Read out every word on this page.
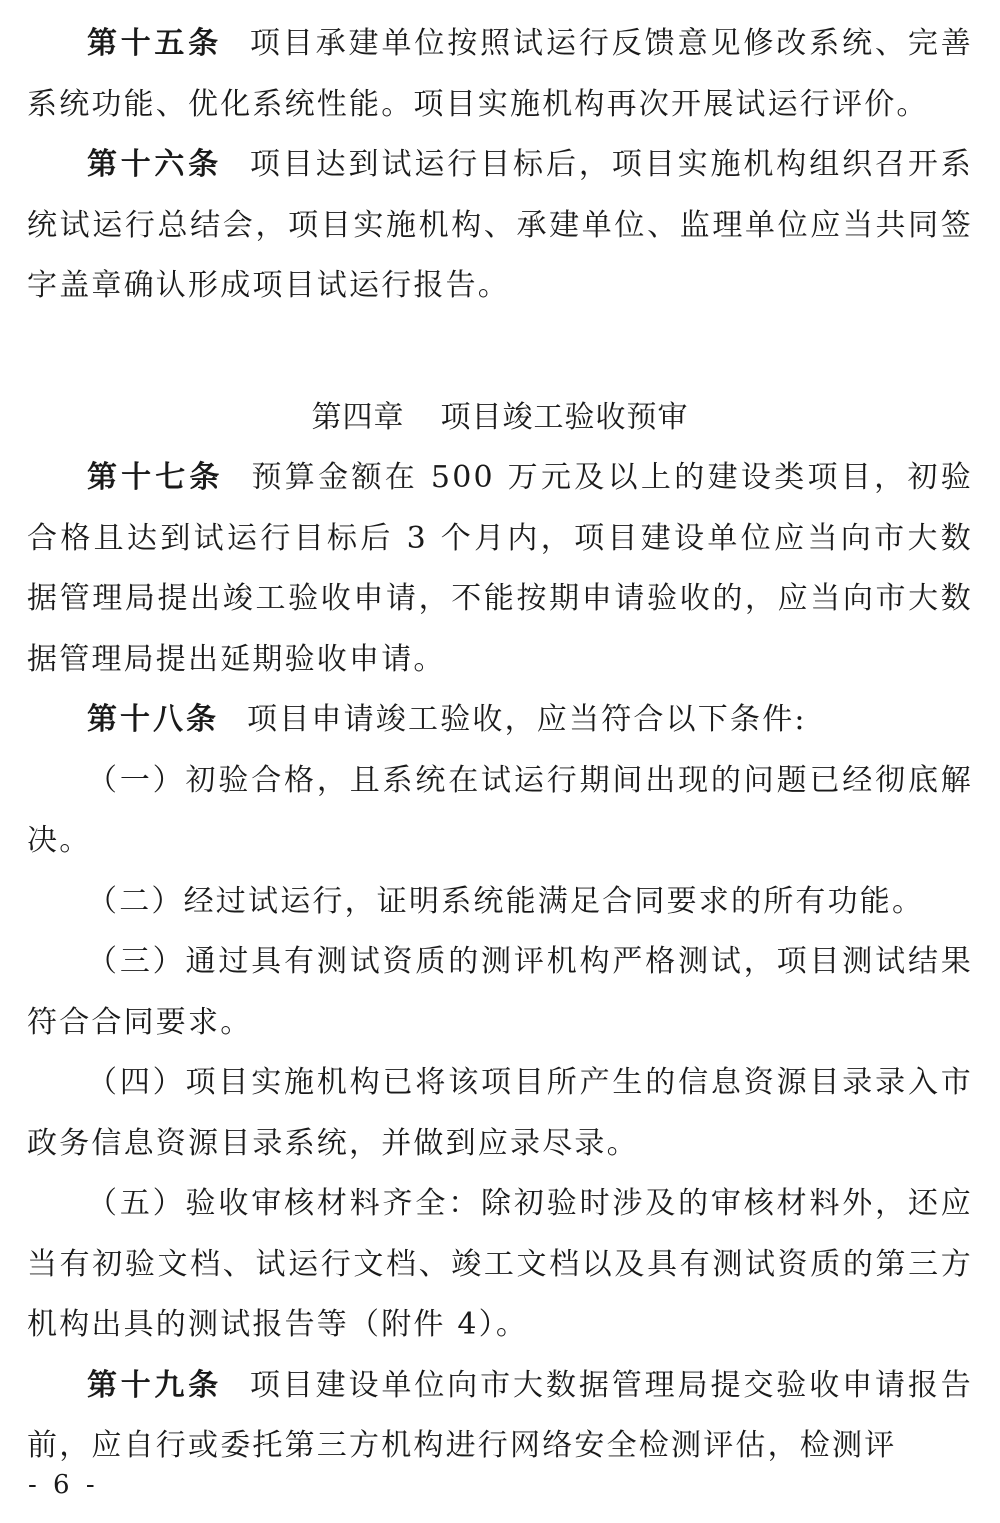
第十五条 项目承建单位按照试运行反馈意见修改系统、完善系统功能、优化系统性能。项目实施机构再次开展试运行评价。

第十六条 项目达到试运行目标后，项目实施机构组织召开系统试运行总结会，项目实施机构、承建单位、监理单位应当共同签字盖章确认形成项目试运行报告。

第四章 项目竣工验收预审

第十七条 预算金额在 500 万元及以上的建设类项目，初验合格且达到试运行目标后 3 个月内，项目建设单位应当向市大数据管理局提出竣工验收申请，不能按期申请验收的，应当向市大数据管理局提出延期验收申请。

第十八条 项目申请竣工验收，应当符合以下条件:

（一）初验合格，且系统在试运行期间出现的问题已经彻底解决。

（二）经过试运行，证明系统能满足合同要求的所有功能。

（三）通过具有测试资质的测评机构严格测试，项目测试结果符合合同要求。

（四）项目实施机构已将该项目所产生的信息资源目录录入市政务信息资源目录系统，并做到应录尽录。

（五）验收审核材料齐全：除初验时涉及的审核材料外，还应当有初验文档、试运行文档、竣工文档以及具有测试资质的第三方机构出具的测试报告等（附件 4）。

第十九条 项目建设单位向市大数据管理局提交验收申请报告前，应自行或委托第三方机构进行网络安全检测评估，检测评

- 6 -
